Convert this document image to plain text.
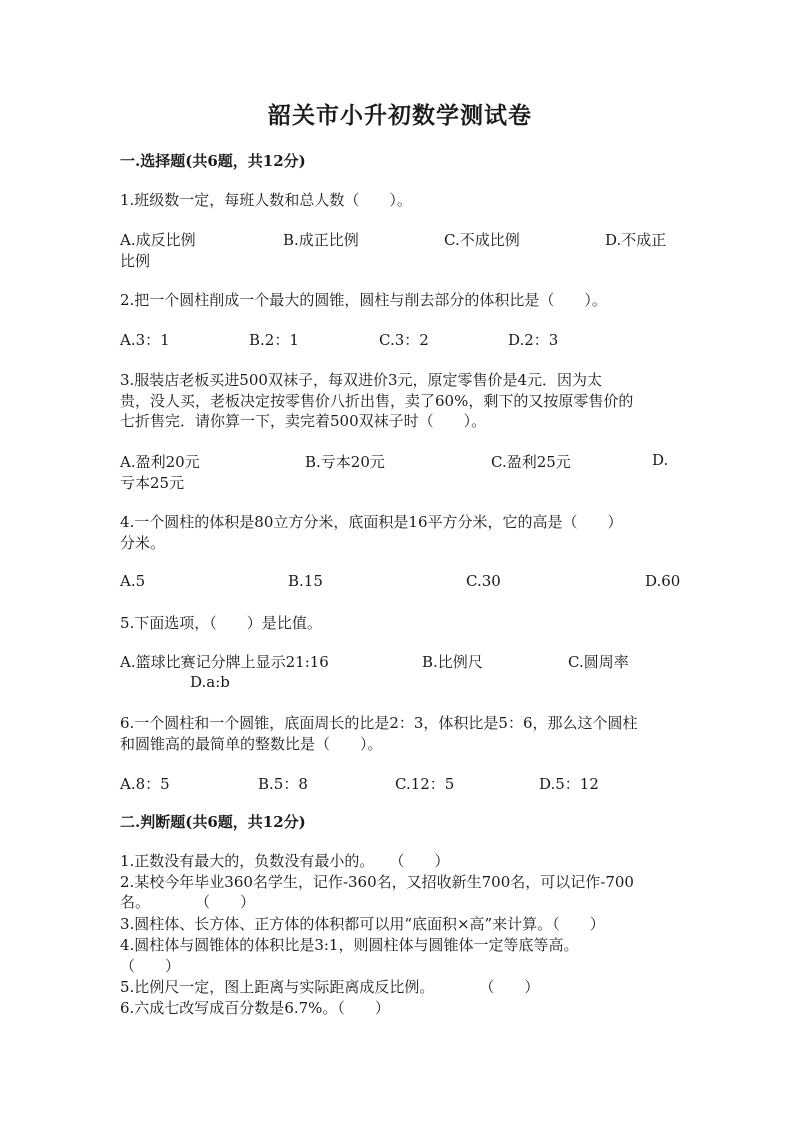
韶关市小升初数学测试卷
一.选择题(共6题，共12分)
1.班级数一定，每班人数和总人数（　　）。
A.成反比例	B.成正比例	C.不成比例	D.不成正
比例
2.把一个圆柱削成一个最大的圆锥，圆柱与削去部分的体积比是（　　）。
A.3：1	B.2：1	C.3：2	D.2：3
3.服装店老板买进500双袜子，每双进价3元，原定零售价是4元．因为太
贵，没人买，老板决定按零售价八折出售，卖了60%，剩下的又按原零售价的
七折售完．请你算一下，卖完着500双袜子时（　　）。
A.盈利20元	B.亏本20元	C.盈利25元	D.
亏本25元
4.一个圆柱的体积是80立方分米，底面积是16平方分米，它的高是（　　）
分米。
A.5	B.15	C.30	D.60
5.下面选项，（　　）是比值。
A.篮球比赛记分牌上显示21:16	B.比例尺	C.圆周率
D.a:b
6.一个圆柱和一个圆锥，底面周长的比是2：3，体积比是5：6，那么这个圆柱
和圆锥高的最简单的整数比是（　　）。
A.8：5	B.5：8	C.12：5	D.5：12
二.判断题(共6题，共12分)
1.正数没有最大的，负数没有最小的。　　（　　）
2.某校今年毕业360名学生，记作-360名，又招收新生700名，可以记作-700
名。　　　　（　　）
3.圆柱体、长方体、正方体的体积都可以用“底面积×高”来计算。（　　）
4.圆柱体与圆锥体的体积比是3:1，则圆柱体与圆锥体一定等底等高。
（　　）
5.比例尺一定，图上距离与实际距离成反比例。　　　　（　　）
6.六成七改写成百分数是6.7%。（　　）
